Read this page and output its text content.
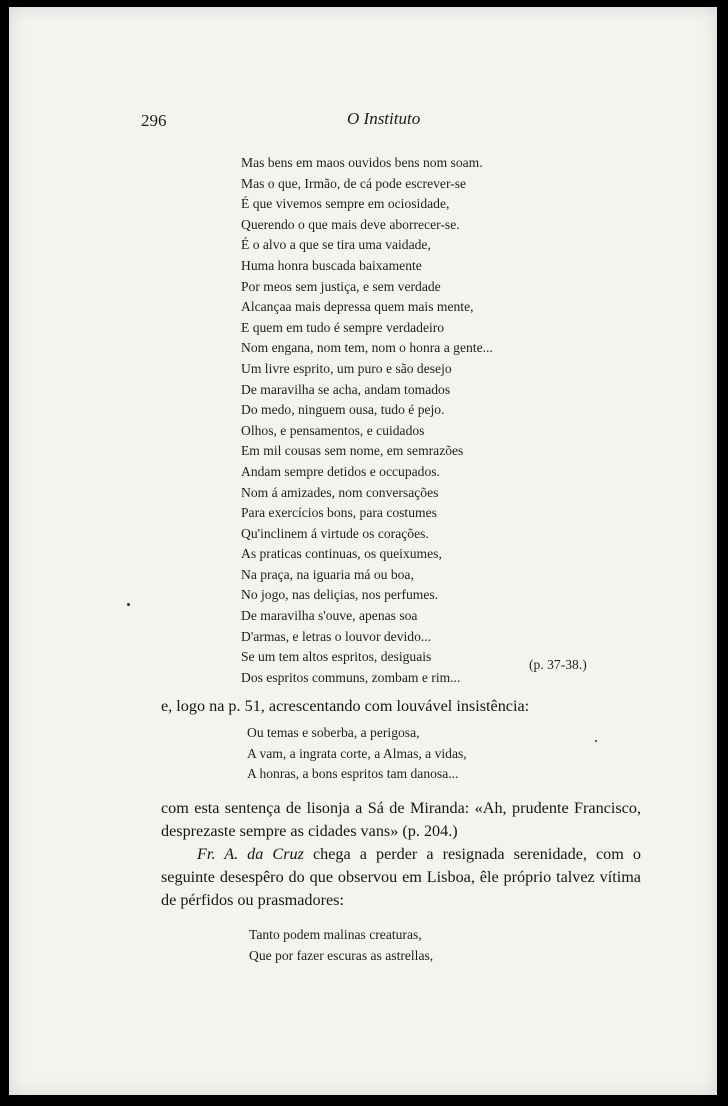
296	O Instituto
Mas bens em maos ouvidos bens nom soam.
Mas o que, Irmão, de cá pode escrever-se
É que vivemos sempre em ociosidade,
Querendo o que mais deve aborrecer-se.
É o alvo a que se tira uma vaidade,
Huma honra buscada baixamente
Por meos sem justiça, e sem verdade
Alcançaa mais depressa quem mais mente,
E quem em tudo é sempre verdadeiro
Nom engana, nom tem, nom o honra a gente...
Um livre esprito, um puro e são desejo
De maravilha se acha, andam tomados
Do medo, ninguem ousa, tudo é pejo.
Olhos, e pensamentos, e cuidados
Em mil cousas sem nome, em semrazões
Andam sempre detidos e occupados.
Nom á amizades, nom conversações
Para exercícios bons, para costumes
Qu'inclinem á virtude os corações.
As praticas continuas, os queixumes,
Na praça, na iguaria má ou boa,
No jogo, nas deliçias, nos perfumes.
De maravilha s'ouve, apenas soa
D'armas, e letras o louvor devido...
Se um tem altos espritos, desiguais
Dos espritos communs, zombam e rim...
(p. 37-38.)
e, logo na p. 51, acrescentando com louvável insistência:
Ou temas e soberba, a perigosa,
A vam, a ingrata corte, a Almas, a vidas,
A honras, a bons espritos tam danosa...
com esta sentença de lisonja a Sá de Miranda: «Ah, prudente Francisco, desprezaste sempre as cidades vans» (p. 204.)
Fr. A. da Cruz chega a perder a resignada serenidade, com o seguinte desespêro do que observou em Lisboa, êle próprio talvez vítima de pérfidos ou prasmadores:
Tanto podem malinas creaturas,
Que por fazer escuras as astrellas,
